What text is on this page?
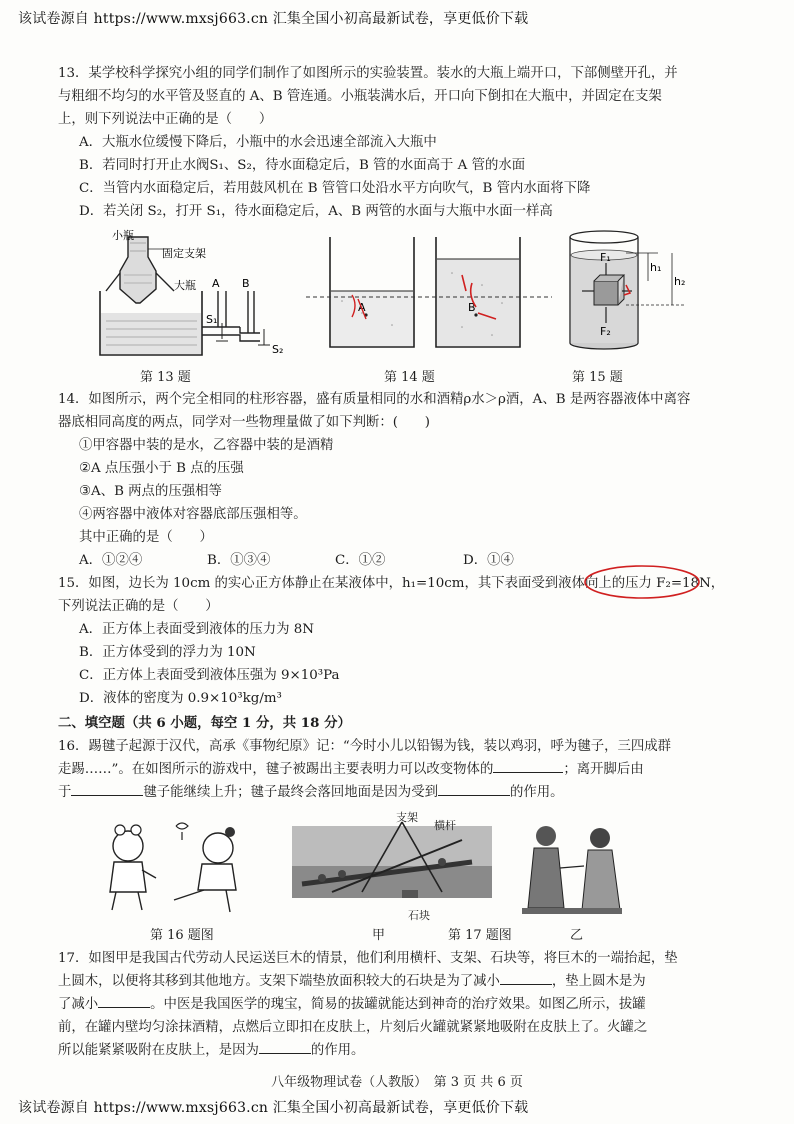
该试卷源自 https://www.mxsj663.cn 汇集全国小初高最新试卷，享更低价下载

13．某学校科学探究小组的同学们制作了如图所示的实验装置。装水的大瓶上端开口，下部侧壁开孔，并

与粗细不均匀的水平管及竖直的 A、B 管连通。小瓶装满水后，开口向下倒扣在大瓶中，并固定在支架

上，则下列说法中正确的是（　　）

A．大瓶水位缓慢下降后，小瓶中的水会迅速全部流入大瓶中

B．若同时打开止水阀S₁、S₂，待水面稳定后，B 管的水面高于 A 管的水面

C．当管内水面稳定后，若用鼓风机在 B 管管口处沿水平方向吹气，B 管内水面将下降

D．若关闭 S₂，打开 S₁，待水面稳定后，A、B 两管的水面与大瓶中水面一样高

小瓶
固定支架
大瓶 A B
S₁
S₂
第 13 题
A	B
第 14 题
F₁
F₂
h₁
h₂
第 15 题

14．如图所示，两个完全相同的柱形容器，盛有质量相同的水和酒精ρ水＞ρ酒，A、B 是两容器液体中离容

器底相同高度的两点，同学对一些物理量做了如下判断：(　　)

①甲容器中装的是水，乙容器中装的是酒精

②A 点压强小于 B 点的压强

③A、B 两点的压强相等

④两容器中液体对容器底部压强相等。

其中正确的是（　　）

A．①②④	B．①③④	C．①②	D．①④

15．如图，边长为 10cm 的实心正方体静止在某液体中，h₁=10cm，其下表面受到液体向上的压力 F₂=18N，

下列说法正确的是（　　）

A．正方体上表面受到液体的压力为 8N

B．正方体受到的浮力为 10N

C．正方体上表面受到液体压强为 9×10³Pa

D．液体的密度为 0.9×10³kg/m³

二、填空题（共 6 小题，每空 1 分，共 18 分）

16．踢毽子起源于汉代，高承《事物纪原》记：“今时小儿以铅锡为钱，装以鸡羽，呼为毽子，三四成群

走踢……”。在如图所示的游戏中，毽子被踢出主要表明力可以改变物体的	；离开脚后由

于	毽子能继续上升；毽子最终会落回地面是因为受到	的作用。

第 16 题图
支架
横杆
石块
甲	第 17 题图	乙

17．如图甲是我国古代劳动人民运送巨木的情景，他们利用横杆、支架、石块等，将巨木的一端抬起，垫

上圆木，以便将其移到其他地方。支架下端垫放面积较大的石块是为了减小	，垫上圆木是为

了减小	。中医是我国医学的瑰宝，简易的拔罐就能达到神奇的治疗效果。如图乙所示，拔罐

前，在罐内壁均匀涂抹酒精，点燃后立即扣在皮肤上，片刻后火罐就紧紧地吸附在皮肤上了。火罐之

所以能紧紧吸附在皮肤上，是因为	的作用。

八年级物理试卷（人教版）　第 3 页 共 6 页
该试卷源自 https://www.mxsj663.cn 汇集全国小初高最新试卷，享更低价下载
